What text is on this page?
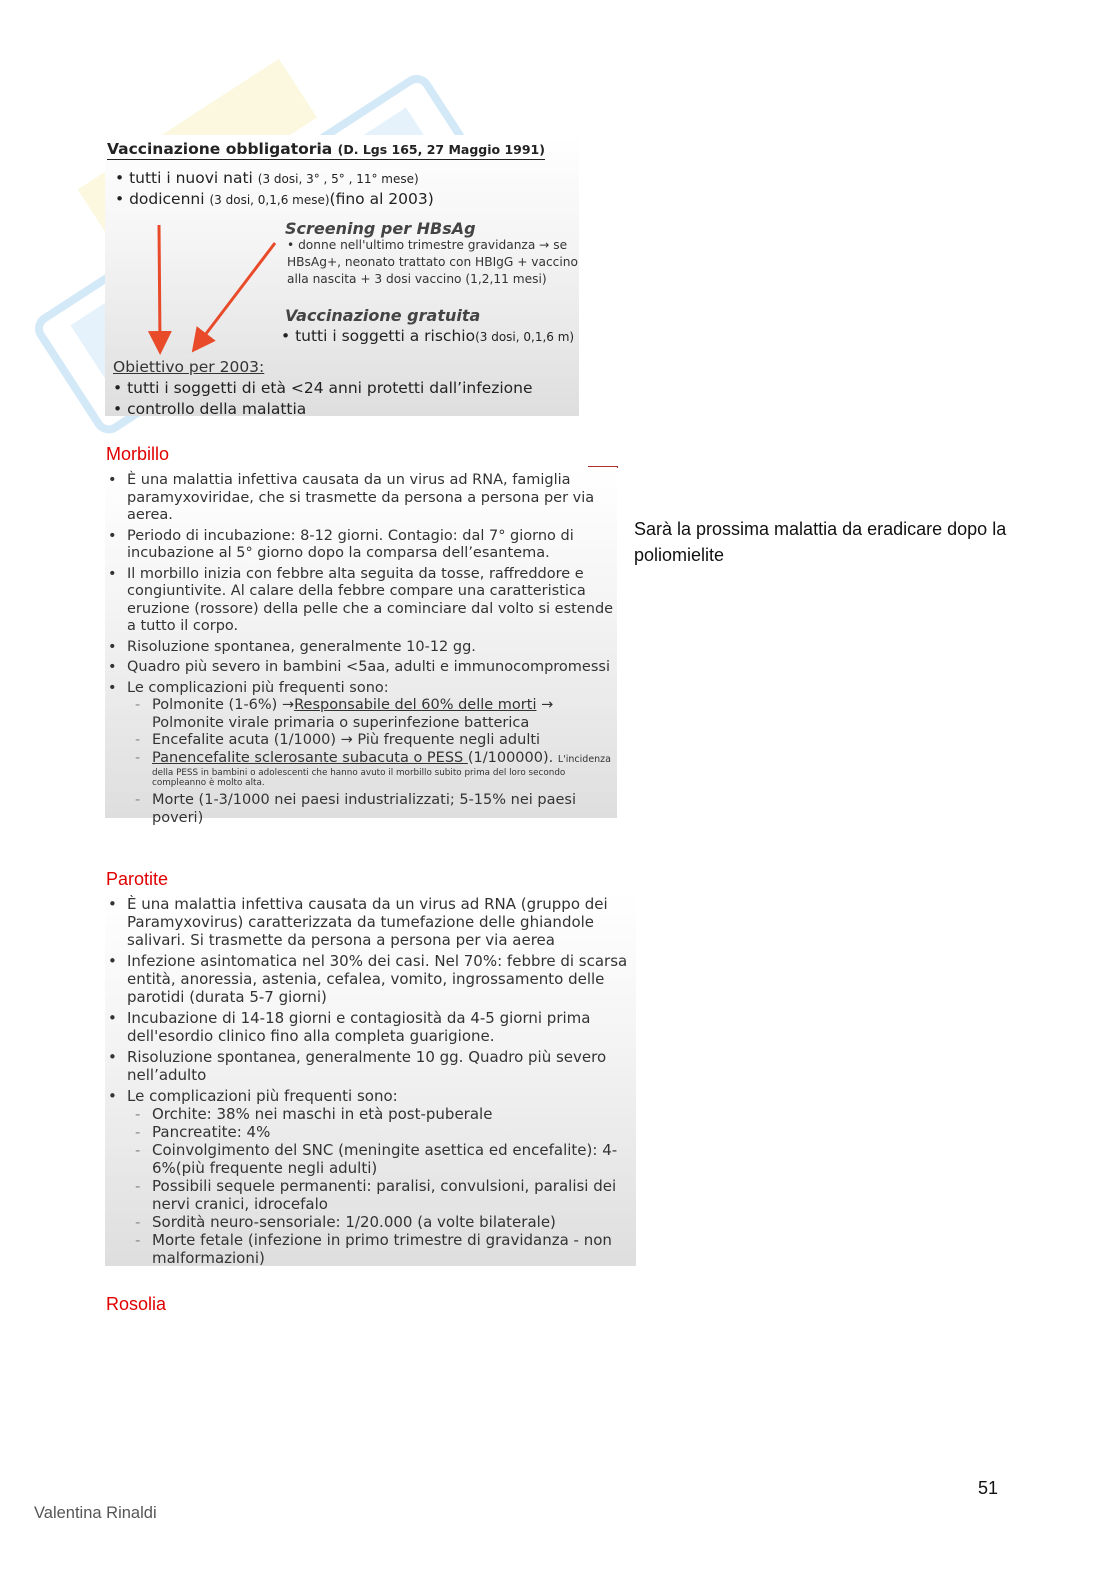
Vaccinazione obbligatoria (D. Lgs 165, 27 Maggio 1991)
• tutti i nuovi nati (3 dosi, 3° , 5° , 11° mese)
• dodicenni (3 dosi, 0,1,6 mese)(fino al 2003)
Screening per HBsAg
• donne nell'ultimo trimestre gravidanza → se HBsAg+, neonato trattato con HBIgG + vaccino alla nascita + 3 dosi vaccino (1,2,11 mesi)
Vaccinazione gratuita
• tutti i soggetti a rischio(3 dosi, 0,1,6 m)
Obiettivo per 2003:
• tutti i soggetti di età <24 anni protetti dall’infezione
• controllo della malattia
Morbillo
• È una malattia infettiva causata da un virus ad RNA, famiglia paramyxoviridae, che si trasmette da persona a persona per via aerea.
• Periodo di incubazione: 8-12 giorni. Contagio: dal 7° giorno di incubazione al 5° giorno dopo la comparsa dell’esantema.
• Il morbillo inizia con febbre alta seguita da tosse, raffreddore e congiuntivite. Al calare della febbre compare una caratteristica eruzione (rossore) della pelle che a cominciare dal volto si estende a tutto il corpo.
• Risoluzione spontanea, generalmente 10-12 gg.
• Quadro più severo in bambini <5aa, adulti e immunocompromessi
• Le complicazioni più frequenti sono:
- Polmonite (1-6%) →Responsabile del 60% delle morti → Polmonite virale primaria o superinfezione batterica
- Encefalite acuta (1/1000) → Più frequente negli adulti
- Panencefalite sclerosante subacuta o PESS (1/100000). L'incidenza
della PESS in bambini o adolescenti che hanno avuto il morbillo subito prima del loro secondo compleanno è molto alta.
- Morte (1-3/1000 nei paesi industrializzati; 5-15% nei paesi poveri)
Sarà la prossima malattia da eradicare dopo la poliomielite
Parotite
• È una malattia infettiva causata da un virus ad RNA (gruppo dei Paramyxovirus) caratterizzata da tumefazione delle ghiandole salivari. Si trasmette da persona a persona per via aerea
• Infezione asintomatica nel 30% dei casi. Nel 70%: febbre di scarsa entità, anoressia, astenia, cefalea, vomito, ingrossamento delle parotidi (durata 5-7 giorni)
• Incubazione di 14-18 giorni e contagiosità da 4-5 giorni prima dell'esordio clinico fino alla completa guarigione.
• Risoluzione spontanea, generalmente 10 gg. Quadro più severo nell’adulto
• Le complicazioni più frequenti sono:
- Orchite: 38% nei maschi in età post-puberale
- Pancreatite: 4%
- Coinvolgimento del SNC (meningite asettica ed encefalite): 4-6%(più frequente negli adulti)
- Possibili sequele permanenti: paralisi, convulsioni, paralisi dei nervi cranici, idrocefalo
- Sordità neuro-sensoriale: 1/20.000 (a volte bilaterale)
- Morte fetale (infezione in primo trimestre di gravidanza - non malformazioni)
Rosolia
51
Valentina Rinaldi
